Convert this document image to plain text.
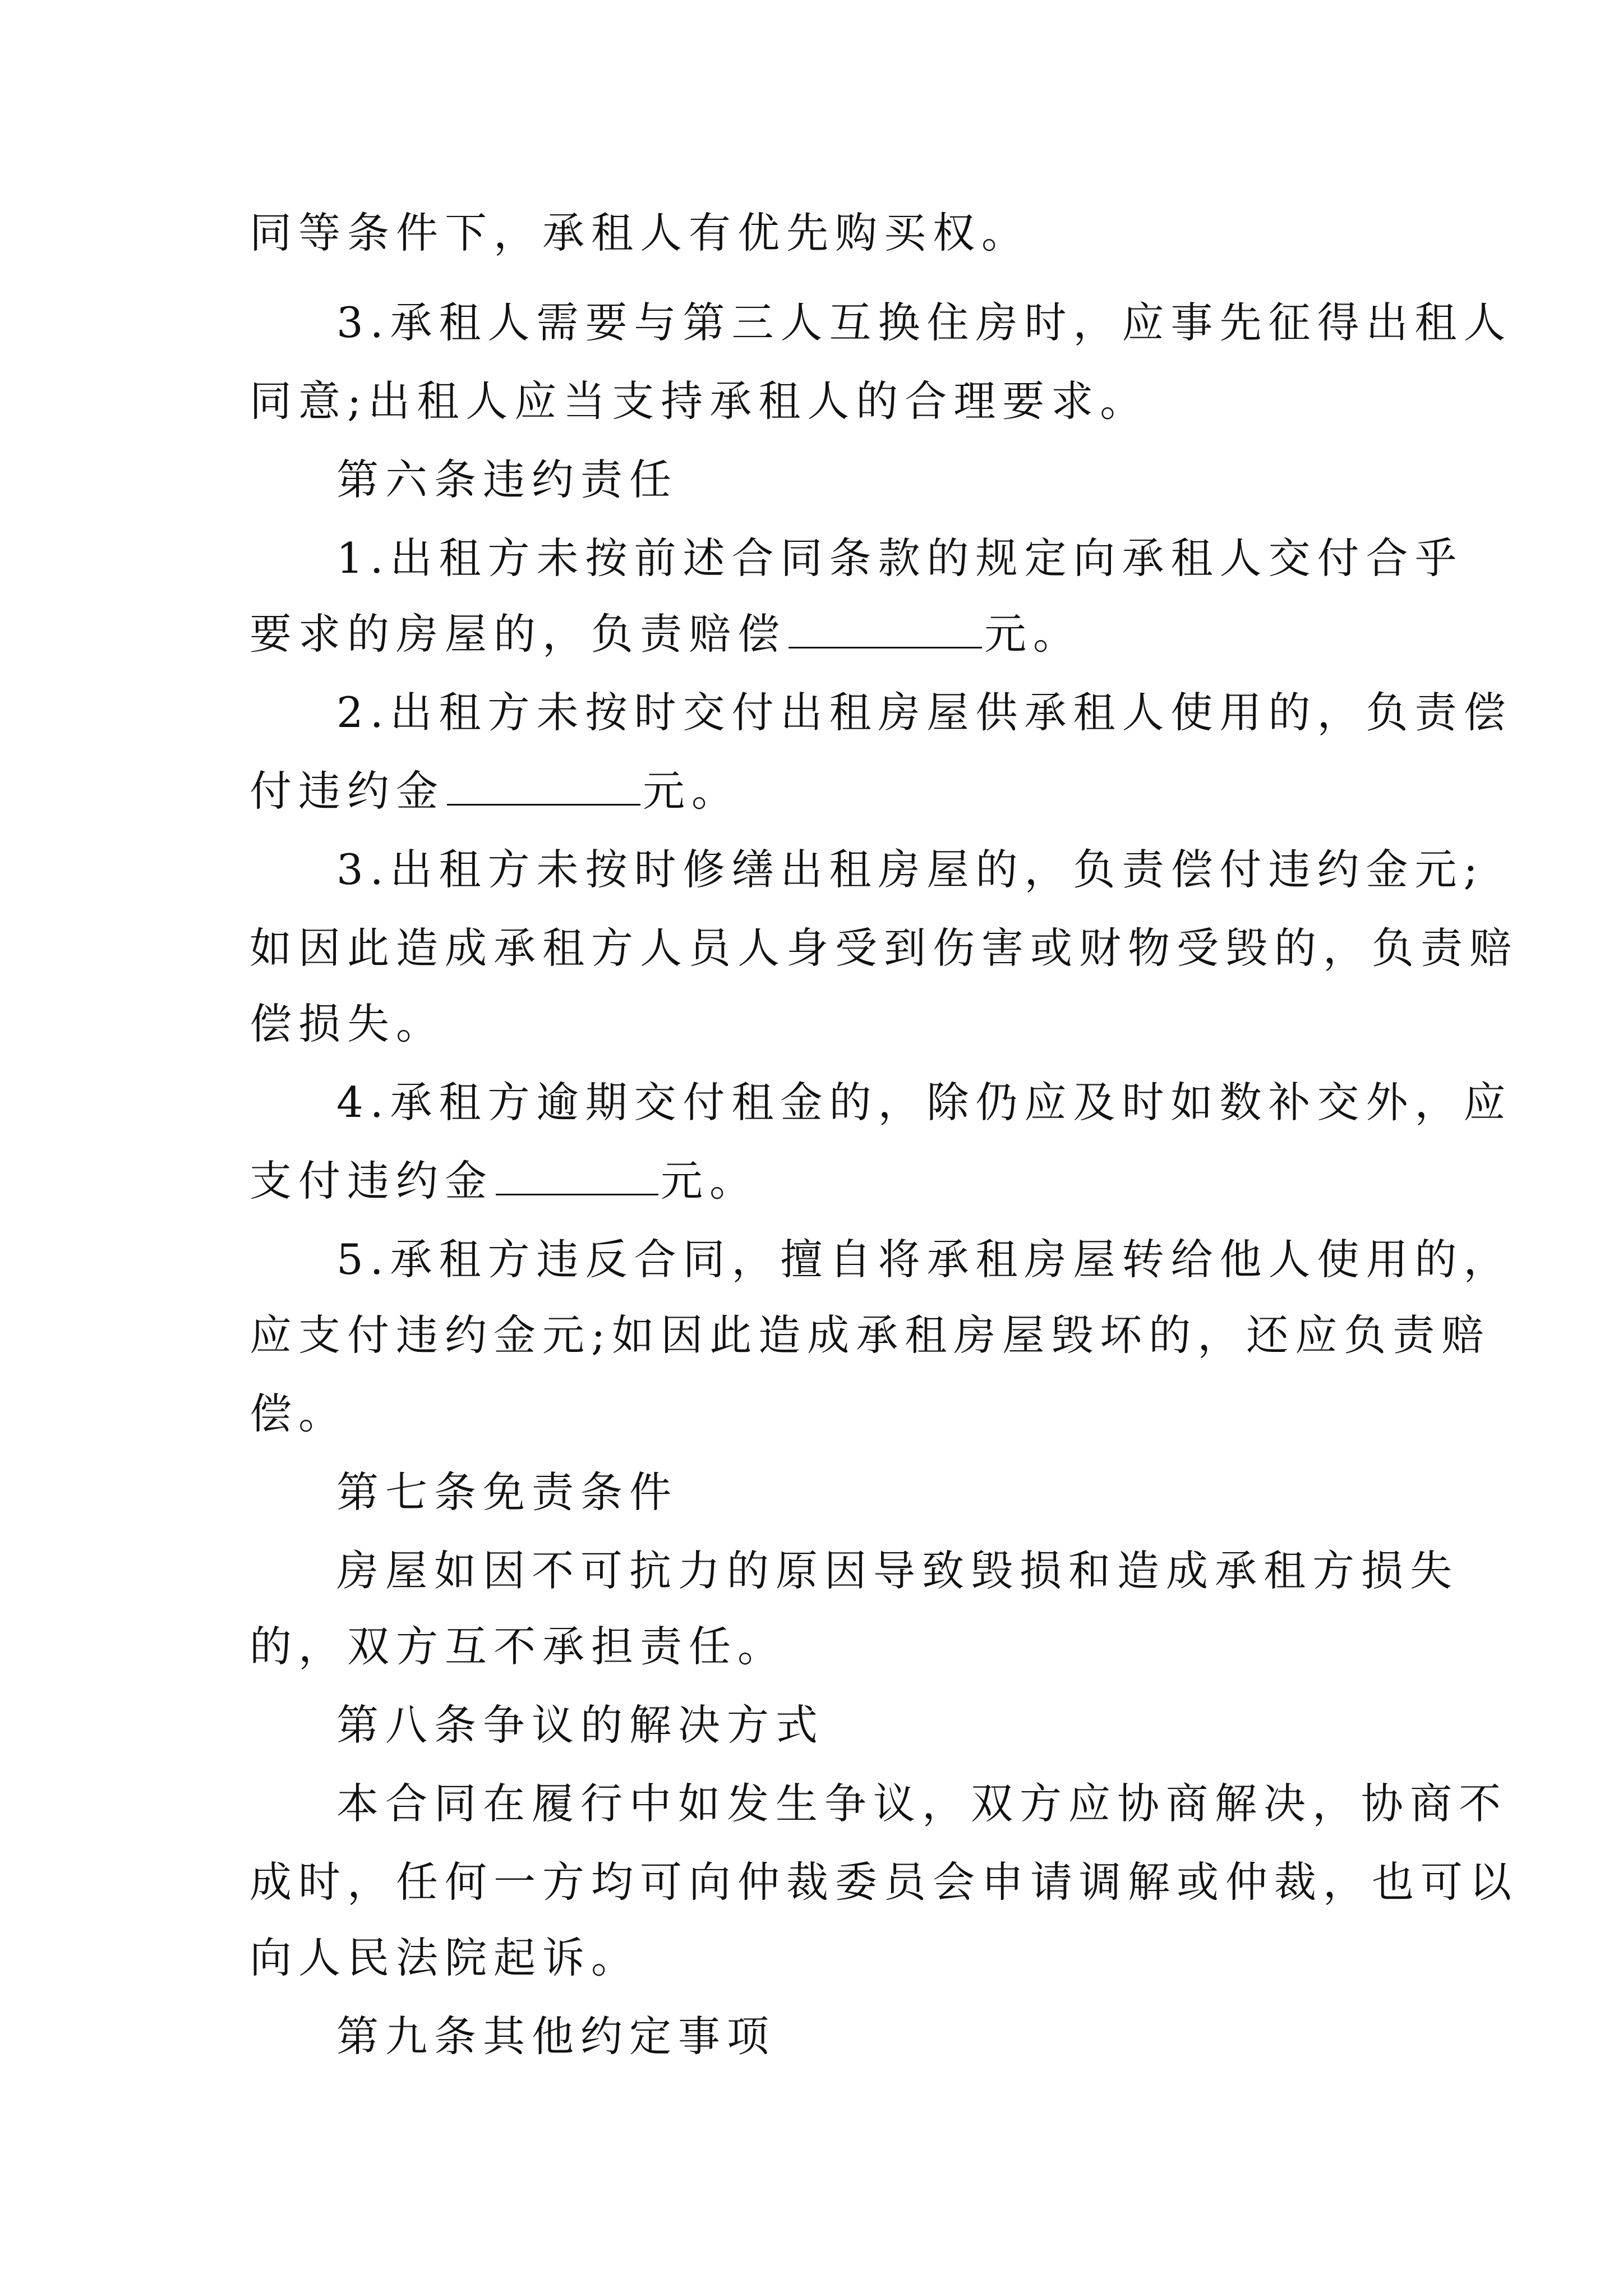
同等条件下，承租人有优先购买权。

3.承租人需要与第三人互换住房时，应事先征得出租人

同意;出租人应当支持承租人的合理要求。

第六条违约责任

1.出租方未按前述合同条款的规定向承租人交付合乎

要求的房屋的，负责赔偿	元。

2.出租方未按时交付出租房屋供承租人使用的，负责偿

付违约金	元。

3.出租方未按时修缮出租房屋的，负责偿付违约金元;

如因此造成承租方人员人身受到伤害或财物受毁的，负责赔

偿损失。

4.承租方逾期交付租金的，除仍应及时如数补交外，应

支付违约金	元。

5.承租方违反合同，擅自将承租房屋转给他人使用的，

应支付违约金元;如因此造成承租房屋毁坏的，还应负责赔

偿。

第七条免责条件

房屋如因不可抗力的原因导致毁损和造成承租方损失

的，双方互不承担责任。

第八条争议的解决方式

本合同在履行中如发生争议，双方应协商解决，协商不

成时，任何一方均可向仲裁委员会申请调解或仲裁，也可以

向人民法院起诉。

第九条其他约定事项
